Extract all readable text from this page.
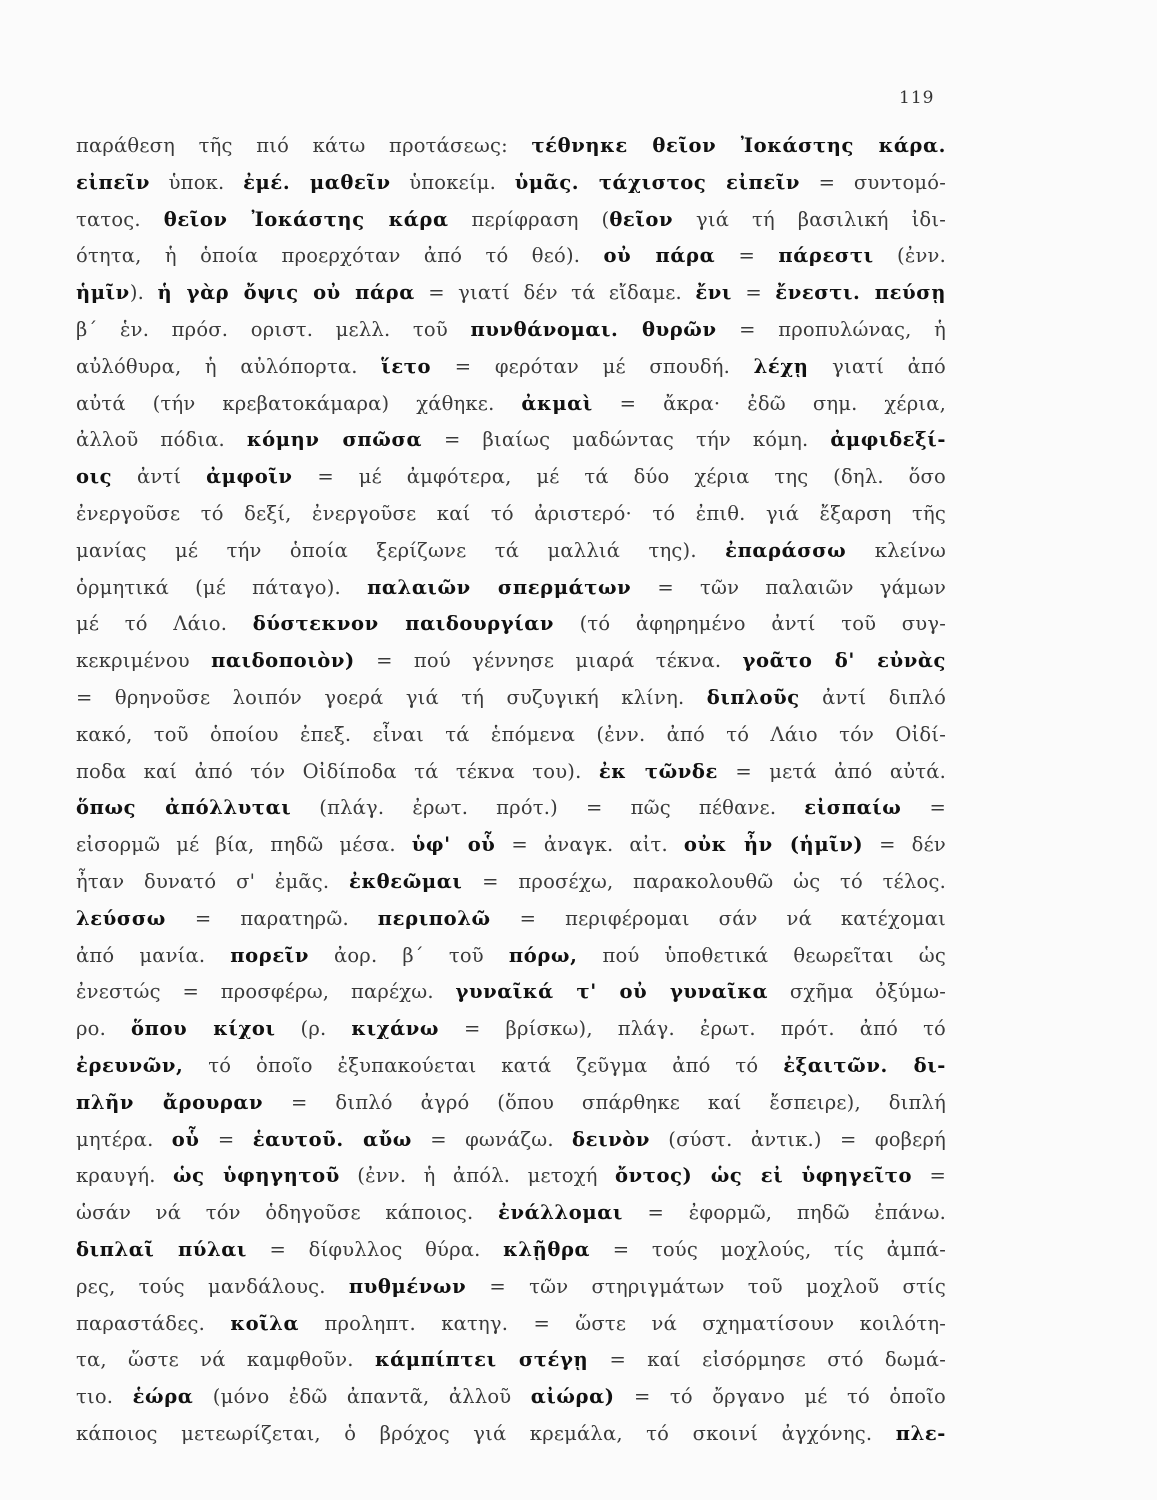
119
παράθεση τῆς πιό κάτω προτάσεως: τέθνηκε θεῖον Ἰοκάστης κάρα.
εἰπεῖν ὑποκ. ἐμέ. μαθεῖν ὑποκείμ. ὑμᾶς. τάχιστος εἰπεῖν = συντομό-
τατος. θεῖον Ἰοκάστης κάρα περίφραση (θεῖον γιά τή βασιλική ἰδι-
ότητα, ἡ ὁποία προερχόταν ἀπό τό θεό). οὐ πάρα = πάρεστι (ἐνν.
ἡμῖν). ἡ γὰρ ὄψις οὐ πάρα = γιατί δέν τά εἴδαμε. ἔνι = ἔνεστι. πεύσῃ
β΄ ἑν. πρόσ. οριστ. μελλ. τοῦ πυνθάνομαι. θυρῶν = προπυλώνας, ἡ
αὐλόθυρα, ἡ αὐλόπορτα. ἵετο = φερόταν μέ σπουδή. λέχῃ γιατί ἀπό
αὐτά (τήν κρεβατοκάμαρα) χάθηκε. ἀκμαὶ = ἄκρα· ἐδῶ σημ. χέρια,
ἀλλοῦ πόδια. κόμην σπῶσα = βιαίως μαδώντας τήν κόμη. ἀμφιδεξί-
οις ἀντί ἀμφοῖν = μέ ἀμφότερα, μέ τά δύο χέρια της (δηλ. ὅσο
ἐνεργοῦσε τό δεξί, ἐνεργοῦσε καί τό ἀριστερό· τό ἐπιθ. γιά ἔξαρση τῆς
μανίας μέ τήν ὁποία ξερίζωνε τά μαλλιά της). ἐπαράσσω κλείνω
ὁρμητικά (μέ πάταγο). παλαιῶν σπερμάτων = τῶν παλαιῶν γάμων
μέ τό Λάιο. δύστεκνον παιδουργίαν (τό ἀφηρημένο ἀντί τοῦ συγ-
κεκριμένου παιδοποιὸν) = πού γέννησε μιαρά τέκνα. γοᾶτο δ' εὐνὰς
= θρηνοῦσε λοιπόν γοερά γιά τή συζυγική κλίνη. διπλοῦς ἀντί διπλό
κακό, τοῦ ὁποίου ἐπεξ. εἶναι τά ἑπόμενα (ἐνν. ἀπό τό Λάιο τόν Οἰδί-
ποδα καί ἀπό τόν Οἰδίποδα τά τέκνα του). ἐκ τῶνδε = μετά ἀπό αὐτά.
ὅπως ἀπόλλυται (πλάγ. ἐρωτ. πρότ.) = πῶς πέθανε. εἰσπαίω =
εἰσορμῶ μέ βία, πηδῶ μέσα. ὑφ' οὗ = ἀναγκ. αἰτ. οὐκ ἦν (ἡμῖν) = δέν
ἦταν δυνατό σ' ἐμᾶς. ἐκθεῶμαι = προσέχω, παρακολουθῶ ὡς τό τέλος.
λεύσσω = παρατηρῶ. περιπολῶ = περιφέρομαι σάν νά κατέχομαι
ἀπό μανία. πορεῖν ἀορ. β΄ τοῦ πόρω, πού ὑποθετικά θεωρεῖται ὡς
ἐνεστώς = προσφέρω, παρέχω. γυναῖκά τ' οὐ γυναῖκα σχῆμα ὀξύμω-
ρο. ὅπου κίχοι (ρ. κιχάνω = βρίσκω), πλάγ. ἐρωτ. πρότ. ἀπό τό
ἐρευνῶν, τό ὁποῖο ἐξυπακούεται κατά ζεῦγμα ἀπό τό ἐξαιτῶν. δι-
πλῆν ἄρουραν = διπλό ἀγρό (ὅπου σπάρθηκε καί ἔσπειρε), διπλή
μητέρα. οὗ = ἑαυτοῦ. αὔω = φωνάζω. δεινὸν (σύστ. ἀντικ.) = φοβερή
κραυγή. ὡς ὑφηγητοῦ (ἐνν. ἡ ἀπόλ. μετοχή ὄντος) ὡς εἰ ὑφηγεῖτο =
ὡσάν νά τόν ὁδηγοῦσε κάποιος. ἐνάλλομαι = ἐφορμῶ, πηδῶ ἐπάνω.
διπλαῖ πύλαι = δίφυλλος θύρα. κλῇθρα = τούς μοχλούς, τίς ἀμπά-
ρες, τούς μανδάλους. πυθμένων = τῶν στηριγμάτων τοῦ μοχλοῦ στίς
παραστάδες. κοῖλα προληπτ. κατηγ. = ὥστε νά σχηματίσουν κοιλότη-
τα, ὥστε νά καμφθοῦν. κάμπίπτει στέγῃ = καί εἰσόρμησε στό δωμά-
τιο. ἑώρα (μόνο ἐδῶ ἀπαντᾶ, ἀλλοῦ αἰώρα) = τό ὄργανο μέ τό ὁποῖο
κάποιος μετεωρίζεται, ὁ βρόχος γιά κρεμάλα, τό σκοινί ἀγχόνης. πλε-
